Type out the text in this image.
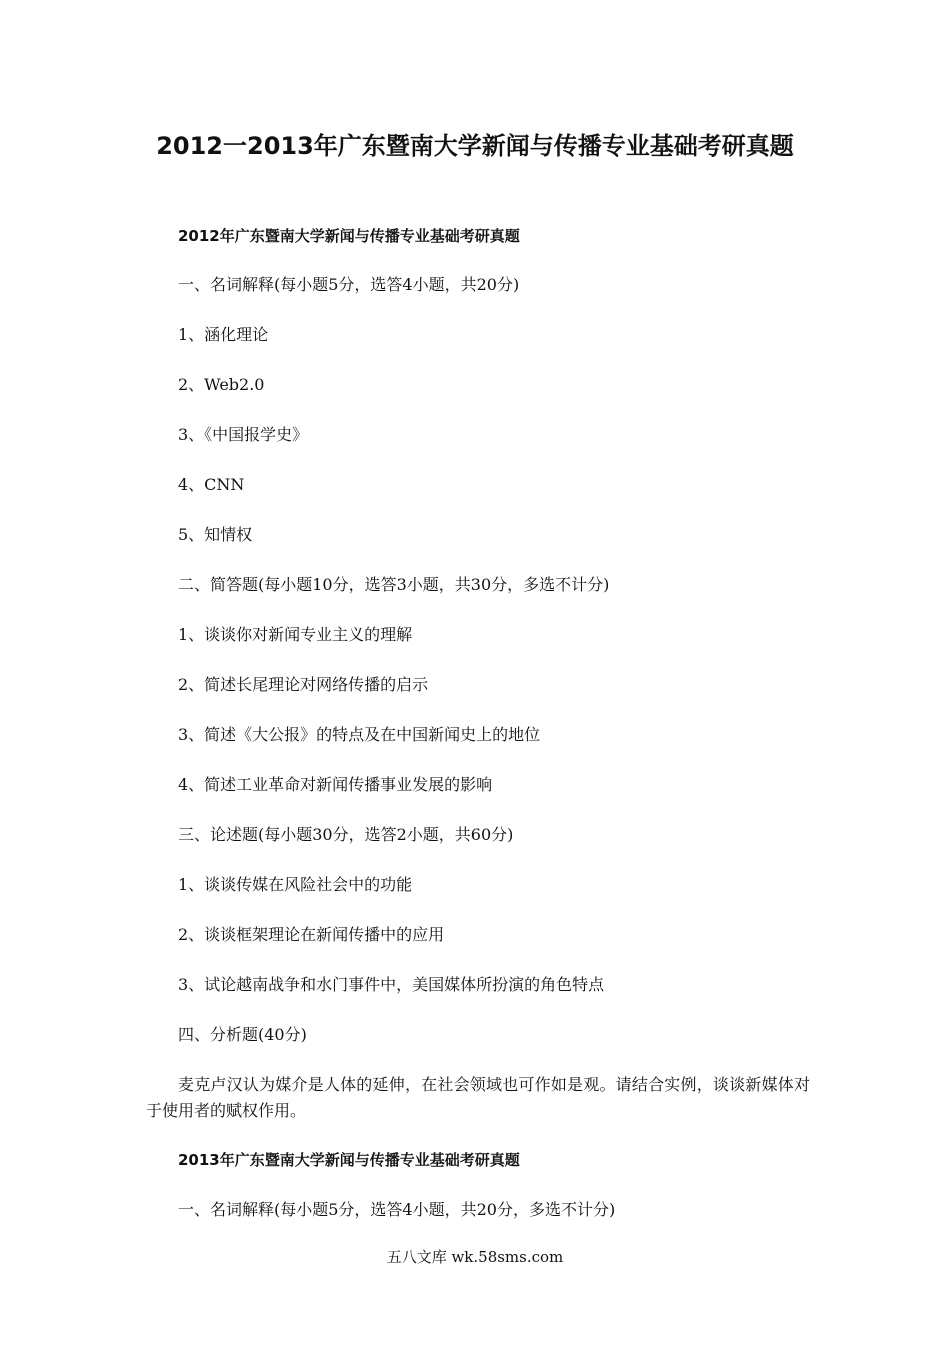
2012一2013年广东暨南大学新闻与传播专业基础考研真题
2012年广东暨南大学新闻与传播专业基础考研真题
一、名词解释(每小题5分，选答4小题，共20分)
1、涵化理论
2、Web2.0
3、《中国报学史》
4、CNN
5、知情权
二、简答题(每小题10分，选答3小题，共30分，多选不计分)
1、谈谈你对新闻专业主义的理解
2、简述长尾理论对网络传播的启示
3、简述《大公报》的特点及在中国新闻史上的地位
4、简述工业革命对新闻传播事业发展的影响
三、论述题(每小题30分，选答2小题，共60分)
1、谈谈传媒在风险社会中的功能
2、谈谈框架理论在新闻传播中的应用
3、试论越南战争和水门事件中，美国媒体所扮演的角色特点
四、分析题(40分)
麦克卢汉认为媒介是人体的延伸，在社会领域也可作如是观。请结合实例，谈谈新媒体对于使用者的赋权作用。
2013年广东暨南大学新闻与传播专业基础考研真题
一、名词解释(每小题5分，选答4小题，共20分，多选不计分)
五八文库 wk.58sms.com
